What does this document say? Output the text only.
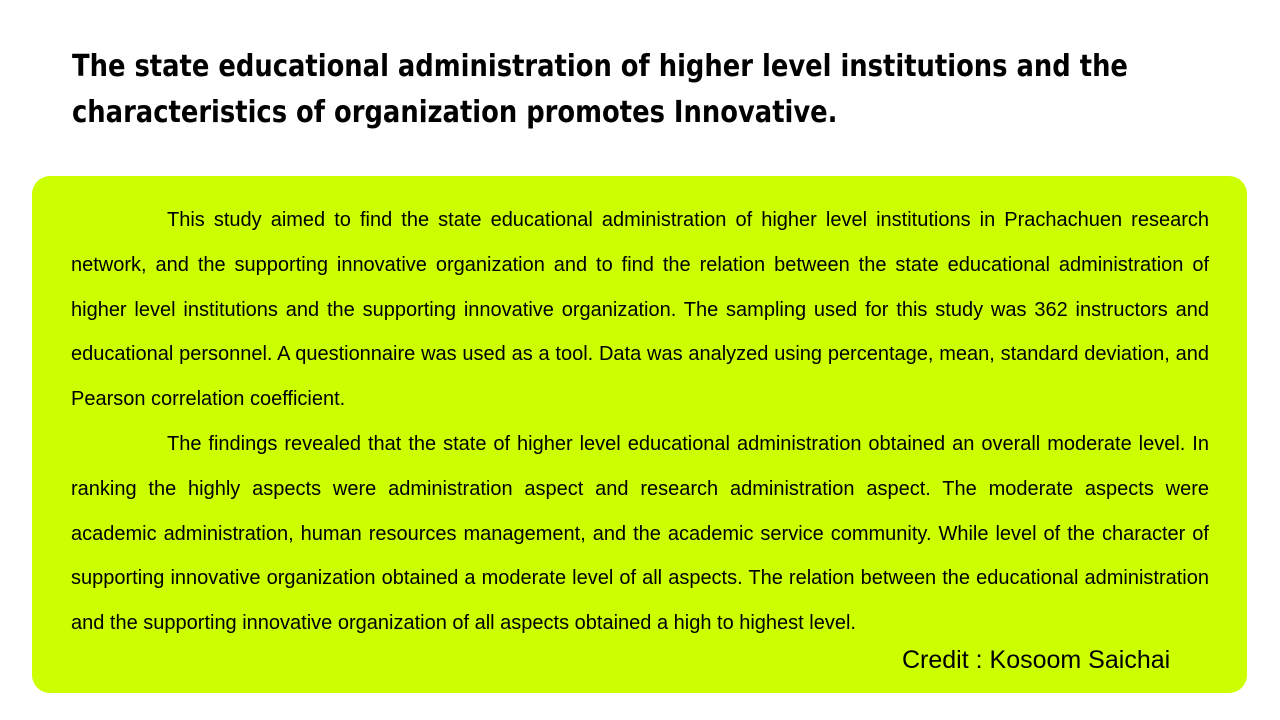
The state educational administration of higher level institutions and the characteristics of organization promotes Innovative.

This study aimed to find the state educational administration of higher level institutions in Prachachuen research network, and the supporting innovative organization and to find the relation between the state educational administration of higher level institutions and the supporting innovative organization. The sampling used for this study was 362 instructors and educational personnel. A questionnaire was used as a tool. Data was analyzed using percentage, mean, standard deviation, and Pearson correlation coefficient.

The findings revealed that the state of higher level educational administration obtained an overall moderate level. In ranking the highly aspects were administration aspect and research administration aspect. The moderate aspects were academic administration, human resources management, and the academic service community. While level of the character of supporting innovative organization obtained a moderate level of all aspects. The relation between the educational administration and the supporting innovative organization of all aspects obtained a high to highest level.

Credit : Kosoom Saichai
